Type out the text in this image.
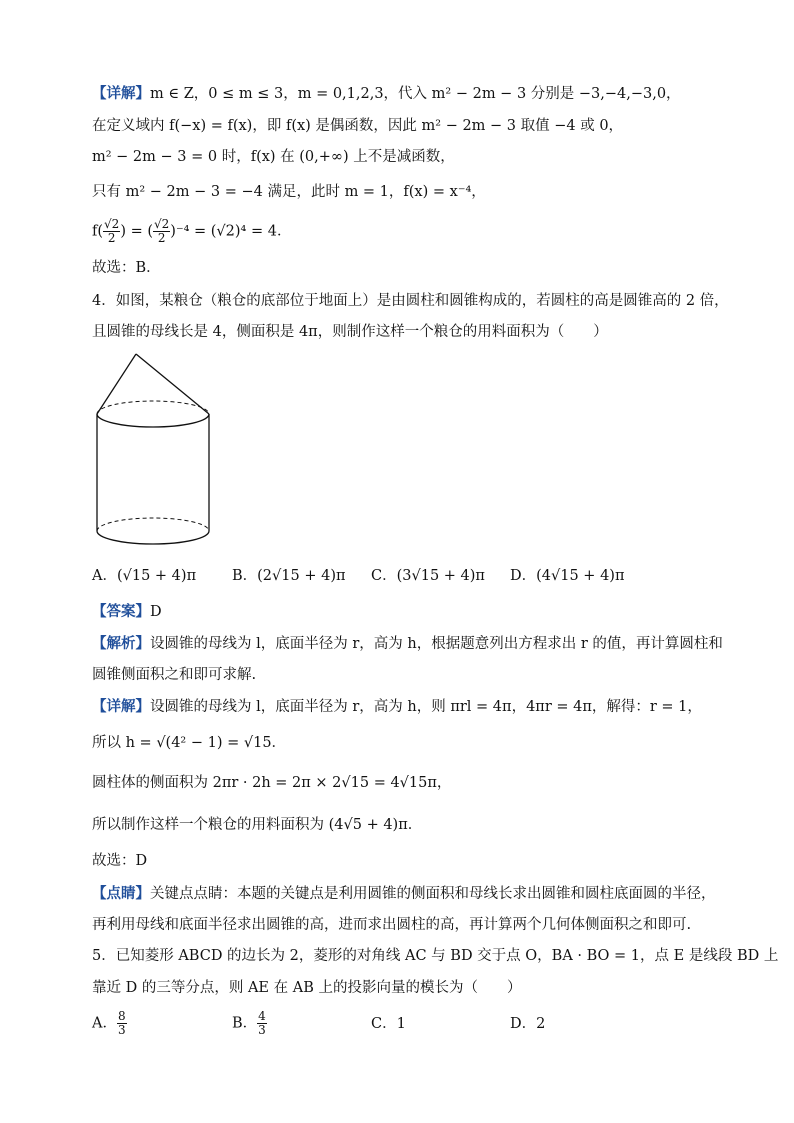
【详解】m ∈ Z，0 ≤ m ≤ 3，m = 0,1,2,3，代入 m² − 2m − 3 分别是 −3,−4,−3,0，
在定义域内 f(−x) = f(x)，即 f(x) 是偶函数，因此 m² − 2m − 3 取值 −4 或 0，
m² − 2m − 3 = 0 时，f(x) 在 (0,+∞) 上不是减函数，
只有 m² − 2m − 3 = −4 满足，此时 m = 1，f(x) = x⁻⁴，
$f( \frac{√2}{2}$ ) = ( $\frac{√2}{2} )^{-4} = (√2)^4 = 4$．
故选：B．
4．如图，某粮仓（粮仓的底部位于地面上）是由圆柱和圆锥构成的，若圆柱的高是圆锥高的 2 倍，
且圆锥的母线长是 4，侧面积是 4π，则制作这样一个粮仓的用料面积为（　　）
A．(√15 + 4)π B．(2√15 + 4)π C．(3√15 + 4)π D．(4√15 + 4)π
【答案】D
【解析】设圆锥的母线为 l，底面半径为 r，高为 h，根据题意列出方程求出 r 的值，再计算圆柱和
圆锥侧面积之和即可求解.
【详解】设圆锥的母线为 l，底面半径为 r，高为 h，则 πrl = 4π，4πr = 4π，解得：r = 1，
所以 h = √(4² − 1) = √15．
圆柱体的侧面积为 2πr · 2h = 2π × 2√15 = 4√15π，
所以制作这样一个粮仓的用料面积为 (4√5 + 4)π．
故选：D
【点睛】关键点点睛：本题的关键点是利用圆锥的侧面积和母线长求出圆锥和圆柱底面圆的半径，
再利用母线和底面半径求出圆锥的高，进而求出圆柱的高，再计算两个几何体侧面积之和即可.
5．已知菱形 ABCD 的边长为 2，菱形的对角线 AC 与 BD 交于点 O，BA · BO = 1，点 E 是线段 BD 上
靠近 D 的三等分点，则 AE 在 AB 上的投影向量的模长为（　　）
A． $\frac{8}{3}$	B． $\frac{4}{3}$	C．1	D．2
